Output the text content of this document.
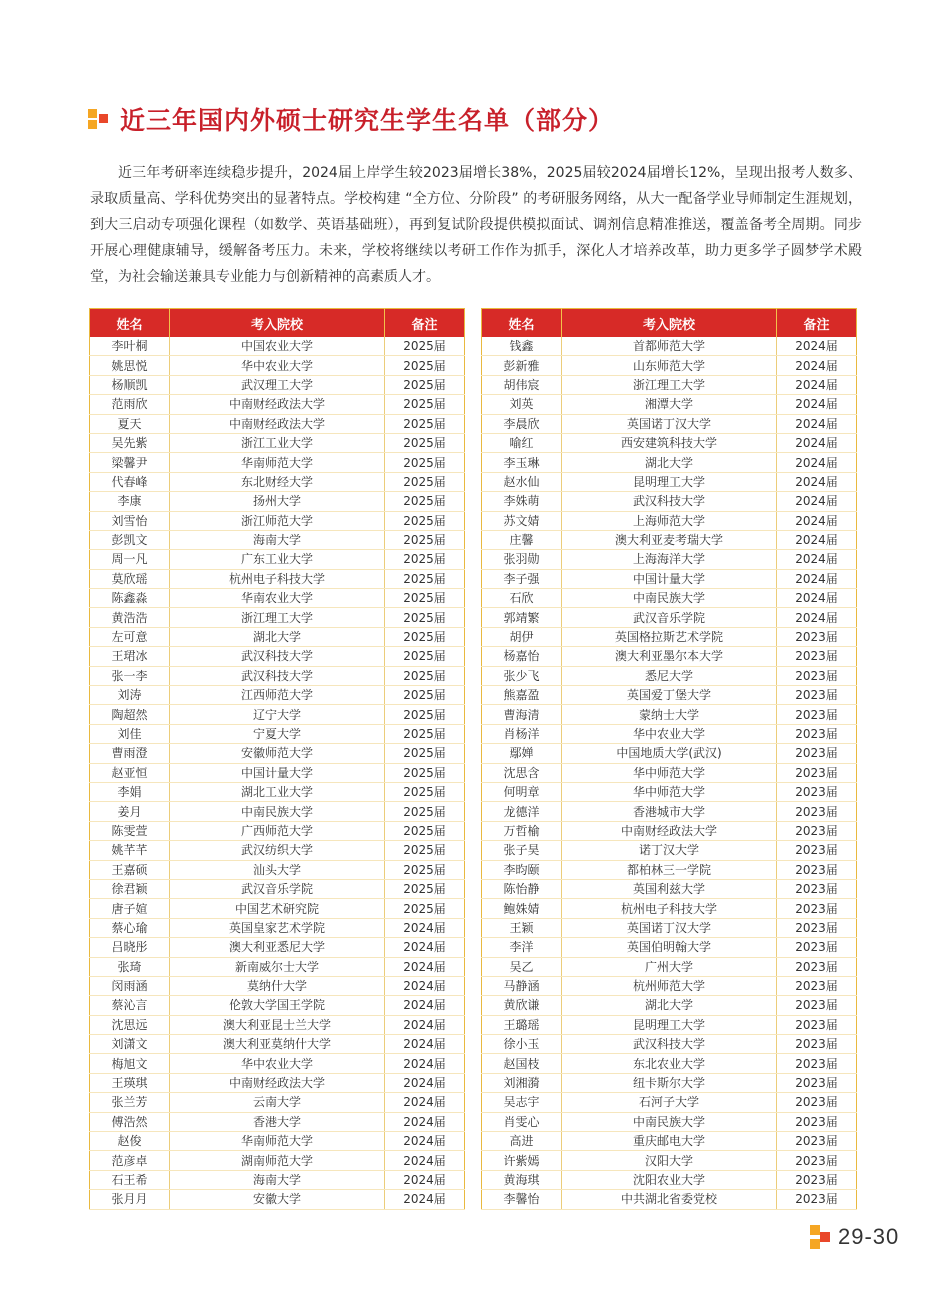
近三年国内外硕士研究生学生名单（部分）

近三年考研率连续稳步提升，2024届上岸学生较2023届增长38%，2025届较2024届增长12%，呈现出报考人数多、录取质量高、学科优势突出的显著特点。学校构建 “全方位、分阶段” 的考研服务网络，从大一配备学业导师制定生涯规划，到大三启动专项强化课程（如数学、英语基础班），再到复试阶段提供模拟面试、调剂信息精准推送，覆盖备考全周期。同步开展心理健康辅导，缓解备考压力。未来，学校将继续以考研工作作为抓手，深化人才培养改革，助力更多学子圆梦学术殿堂，为社会输送兼具专业能力与创新精神的高素质人才。

姓名	考入院校	备注
李叶桐	中国农业大学	2025届
姚思悦	华中农业大学	2025届
杨顺凯	武汉理工大学	2025届
范雨欣	中南财经政法大学	2025届
夏天	中南财经政法大学	2025届
吴先紫	浙江工业大学	2025届
梁馨尹	华南师范大学	2025届
代春峰	东北财经大学	2025届
李康	扬州大学	2025届
刘雪怡	浙江师范大学	2025届
彭凯文	海南大学	2025届
周一凡	广东工业大学	2025届
莫欣瑶	杭州电子科技大学	2025届
陈鑫淼	华南农业大学	2025届
黄浩浩	浙江理工大学	2025届
左可意	湖北大学	2025届
王珺冰	武汉科技大学	2025届
张一李	武汉科技大学	2025届
刘涛	江西师范大学	2025届
陶超然	辽宁大学	2025届
刘佳	宁夏大学	2025届
曹雨澄	安徽师范大学	2025届
赵亚恒	中国计量大学	2025届
李娟	湖北工业大学	2025届
姜月	中南民族大学	2025届
陈雯萱	广西师范大学	2025届
姚芊芊	武汉纺织大学	2025届
王嘉硕	汕头大学	2025届
徐君颖	武汉音乐学院	2025届
唐子媗	中国艺术研究院	2025届
蔡心瑜	英国皇家艺术学院	2024届
吕晓彤	澳大利亚悉尼大学	2024届
张琦	新南威尔士大学	2024届
闵雨涵	莫纳什大学	2024届
蔡沁言	伦敦大学国王学院	2024届
沈思远	澳大利亚昆士兰大学	2024届
刘潇文	澳大利亚莫纳什大学	2024届
梅旭文	华中农业大学	2024届
王瑛琪	中南财经政法大学	2024届
张兰芳	云南大学	2024届
傅浩然	香港大学	2024届
赵俊	华南师范大学	2024届
范彦卓	湖南师范大学	2024届
石王希	海南大学	2024届
张月月	安徽大学	2024届
姓名	考入院校	备注
钱鑫	首都师范大学	2024届
彭新雅	山东师范大学	2024届
胡伟宸	浙江理工大学	2024届
刘英	湘潭大学	2024届
李晨欣	英国诺丁汉大学	2024届
喻红	西安建筑科技大学	2024届
李玉琳	湖北大学	2024届
赵水仙	昆明理工大学	2024届
李姝萌	武汉科技大学	2024届
苏文婧	上海师范大学	2024届
庄馨	澳大利亚麦考瑞大学	2024届
张羽勋	上海海洋大学	2024届
李子强	中国计量大学	2024届
石欣	中南民族大学	2024届
郭靖繁	武汉音乐学院	2024届
胡伊	英国格拉斯艺术学院	2023届
杨嘉怡	澳大利亚墨尔本大学	2023届
张少飞	悉尼大学	2023届
熊嘉盈	英国爱丁堡大学	2023届
曹海清	蒙纳士大学	2023届
肖杨洋	华中农业大学	2023届
鄢婵	中国地质大学(武汉)	2023届
沈思含	华中师范大学	2023届
何明章	华中师范大学	2023届
龙德洋	香港城市大学	2023届
万哲榆	中南财经政法大学	2023届
张子昊	诺丁汉大学	2023届
李昀颐	都柏林三一学院	2023届
陈怡静	英国利兹大学	2023届
鲍姝婧	杭州电子科技大学	2023届
王颖	英国诺丁汉大学	2023届
李洋	英国伯明翰大学	2023届
吴乙	广州大学	2023届
马静涵	杭州师范大学	2023届
黄欣谦	湖北大学	2023届
王璐瑶	昆明理工大学	2023届
徐小玉	武汉科技大学	2023届
赵国枝	东北农业大学	2023届
刘湘漪	纽卡斯尔大学	2023届
吴志宇	石河子大学	2023届
肖雯心	中南民族大学	2023届
高进	重庆邮电大学	2023届
许紫嫣	汉阳大学	2023届
黄海琪	沈阳农业大学	2023届
李馨怡	中共湖北省委党校	2023届
29-30
